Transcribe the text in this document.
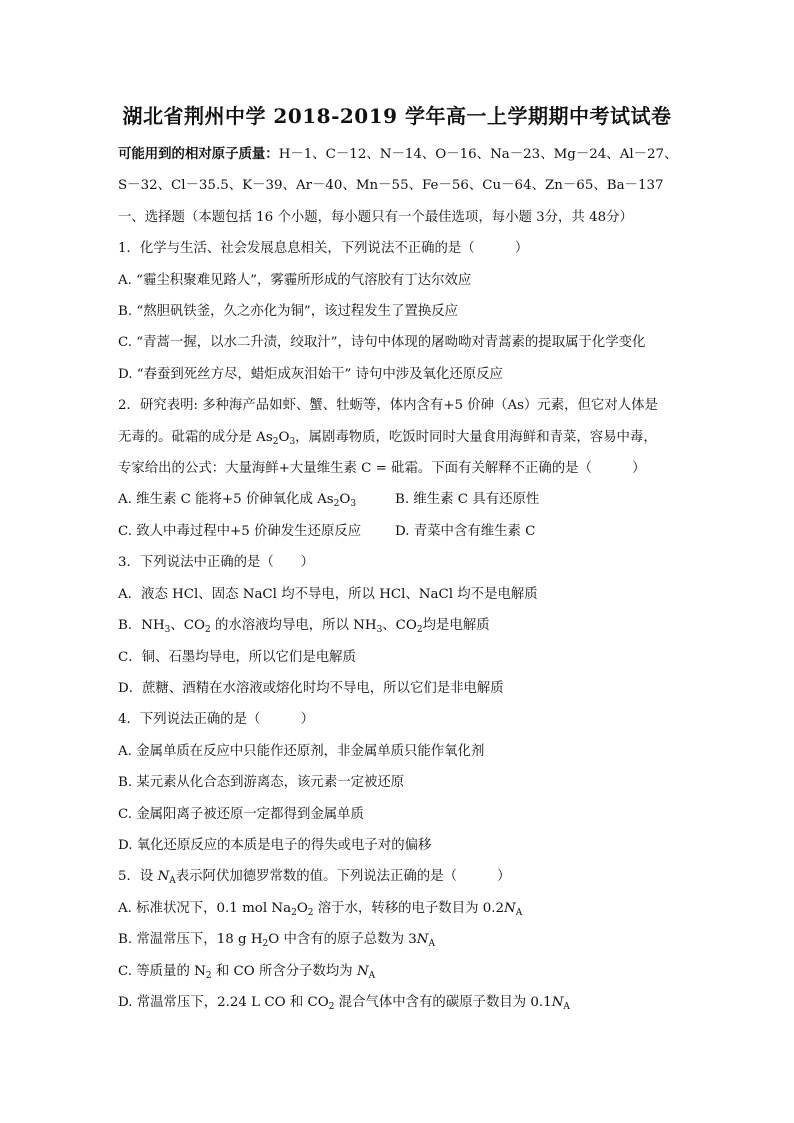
湖北省荆州中学 2018-2019 学年高一上学期期中考试试卷
可能用到的相对原子质量：H－1、C－12、N－14、O－16、Na－23、Mg－24、Al－27、
S－32、Cl－35.5、K－39、Ar－40、Mn－55、Fe－56、Cu－64、Zn－65、Ba－137
一、选择题（本题包括 16 个小题，每小题只有一个最佳选项，每小题 3分，共 48分）
1．化学与生活、社会发展息息相关，下列说法不正确的是（　　　）
A. “霾尘积聚难见路人”，雾霾所形成的气溶胶有丁达尔效应
B. “熬胆矾铁釜，久之亦化为铜”，该过程发生了置换反应
C. “青蒿一握，以水二升渍，绞取汁”，诗句中体现的屠呦呦对青蒿素的提取属于化学变化
D. “春蚕到死丝方尽，蜡炬成灰泪始干” 诗句中涉及氧化还原反应
2．研究表明: 多种海产品如虾、蟹、牡蛎等，体内含有+5 价砷（As）元素，但它对人体是
无毒的。砒霜的成分是 $As_2O_3$，属剧毒物质，吃饭时同时大量食用海鲜和青菜，容易中毒，
专家给出的公式：大量海鲜+大量维生素 C = 砒霜。下面有关解释不正确的是（　　　）
A. 维生素 C 能将+5 价砷氧化成 $As_2O_3$	B. 维生素 C 具有还原性
C. 致人中毒过程中+5 价砷发生还原反应	D. 青菜中含有维生素 C
3．下列说法中正确的是（　　）
A．液态 HCl、固态 NaCl 均不导电，所以 HCl、NaCl 均不是电解质
B．$NH_3$、$CO_2$ 的水溶液均导电，所以 $NH_3$、$CO_2$均是电解质
C．铜、石墨均导电，所以它们是电解质
D．蔗糖、酒精在水溶液或熔化时均不导电，所以它们是非电解质
4．下列说法正确的是（　　　）
A. 金属单质在反应中只能作还原剂，非金属单质只能作氧化剂
B. 某元素从化合态到游离态，该元素一定被还原
C. 金属阳离子被还原一定都得到金属单质
D. 氧化还原反应的本质是电子的得失或电子对的偏移
5．设 $N_A$表示阿伏加德罗常数的值。下列说法正确的是（　　　）
A. 标准状况下，0.1 mol $Na_2O_2$ 溶于水，转移的电子数目为 $0.2N_A$
B. 常温常压下，18 g $H_2O$ 中含有的原子总数为 $3N_A$
C. 等质量的 $N_2$ 和 CO 所含分子数均为 $N_A$
D. 常温常压下，2.24 L CO 和 $CO_2$ 混合气体中含有的碳原子数目为 $0.1N_A$
